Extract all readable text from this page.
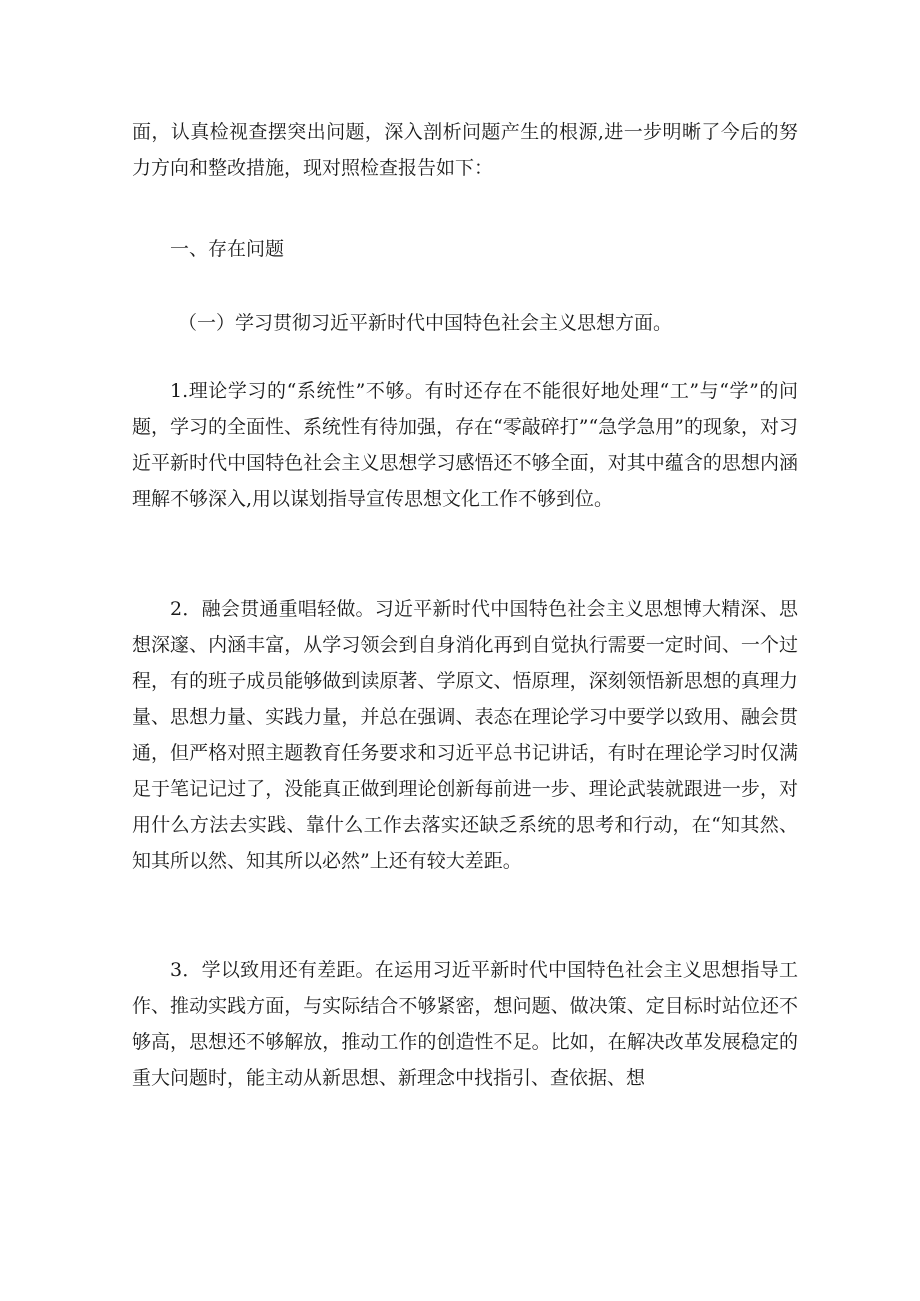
面，认真检视查摆突出问题，深入剖析问题产生的根源,进一步明晰了今后的努力方向和整改措施，现对照检查报告如下：

一、存在问题

（一）学习贯彻习近平新时代中国特色社会主义思想方面。

1.理论学习的“系统性”不够。有时还存在不能很好地处理“工”与“学”的问题，学习的全面性、系统性有待加强，存在“零敲碎打”“急学急用”的现象，对习近平新时代中国特色社会主义思想学习感悟还不够全面，对其中蕴含的思想内涵理解不够深入,用以谋划指导宣传思想文化工作不够到位。

2．融会贯通重唱轻做。习近平新时代中国特色社会主义思想博大精深、思想深邃、内涵丰富，从学习领会到自身消化再到自觉执行需要一定时间、一个过程，有的班子成员能够做到读原著、学原文、悟原理，深刻领悟新思想的真理力量、思想力量、实践力量，并总在强调、表态在理论学习中要学以致用、融会贯通，但严格对照主题教育任务要求和习近平总书记讲话，有时在理论学习时仅满足于笔记记过了，没能真正做到理论创新每前进一步、理论武装就跟进一步，对用什么方法去实践、靠什么工作去落实还缺乏系统的思考和行动，在“知其然、知其所以然、知其所以必然”上还有较大差距。

3．学以致用还有差距。在运用习近平新时代中国特色社会主义思想指导工作、推动实践方面，与实际结合不够紧密，想问题、做决策、定目标时站位还不够高，思想还不够解放，推动工作的创造性不足。比如，在解决改革发展稳定的重大问题时，能主动从新思想、新理念中找指引、查依据、想
